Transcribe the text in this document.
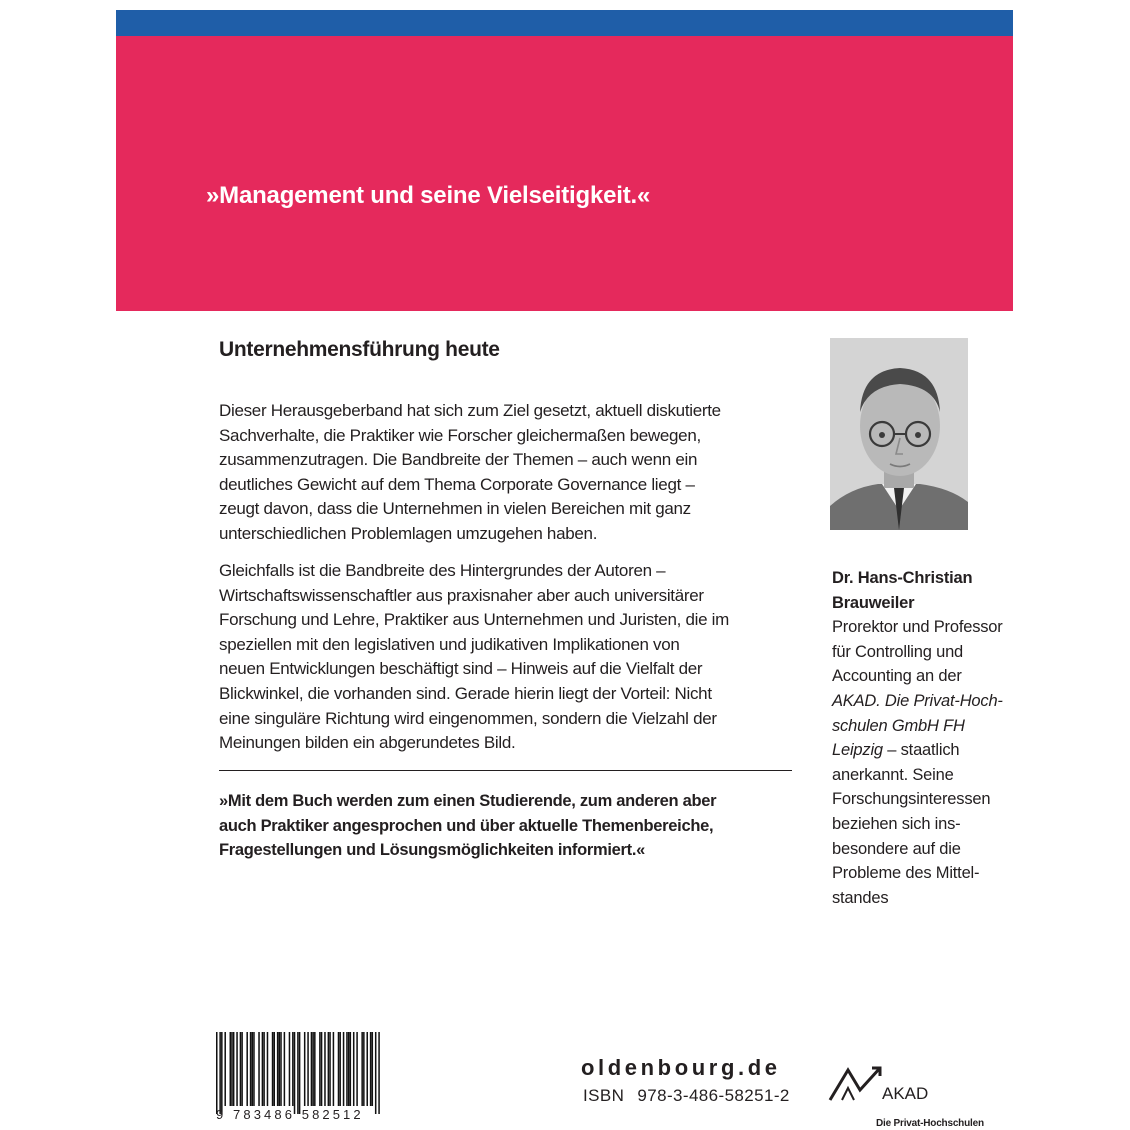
»Management und seine Vielseitigkeit.«

Unternehmensführung heute

Dieser Herausgeberband hat sich zum Ziel gesetzt, aktuell diskutierte
Sachverhalte, die Praktiker wie Forscher gleichermaßen bewegen,
zusammenzutragen. Die Bandbreite der Themen – auch wenn ein
deutliches Gewicht auf dem Thema Corporate Governance liegt –
zeugt davon, dass die Unternehmen in vielen Bereichen mit ganz
unterschiedlichen Problemlagen umzugehen haben.

Gleichfalls ist die Bandbreite des Hintergrundes der Autoren –
Wirtschaftswissenschaftler aus praxisnaher aber auch universitärer
Forschung und Lehre, Praktiker aus Unternehmen und Juristen, die im
speziellen mit den legislativen und judikativen Implikationen von
neuen Entwicklungen beschäftigt sind – Hinweis auf die Vielfalt der
Blickwinkel, die vorhanden sind. Gerade hierin liegt der Vorteil: Nicht
eine singuläre Richtung wird eingenommen, sondern die Vielzahl der
Meinungen bilden ein abgerundetes Bild.

»Mit dem Buch werden zum einen Studierende, zum anderen aber
auch Praktiker angesprochen und über aktuelle Themenbereiche,
Fragestellungen und Lösungsmöglichkeiten informiert.«

Dr. Hans-Christian
Brauweiler

Prorektor und Professor
für Controlling und
Accounting an der
AKAD. Die Privat-Hoch-
schulen GmbH FH
Leipzig – staatlich
anerkannt. Seine
Forschungsinteressen
beziehen sich ins-
besondere auf die
Probleme des Mittel-
standes

9 783486 582512

oldenbourg.de

ISBN 978-3-486-58251-2	AKAD

Die Privat-Hochschulen
